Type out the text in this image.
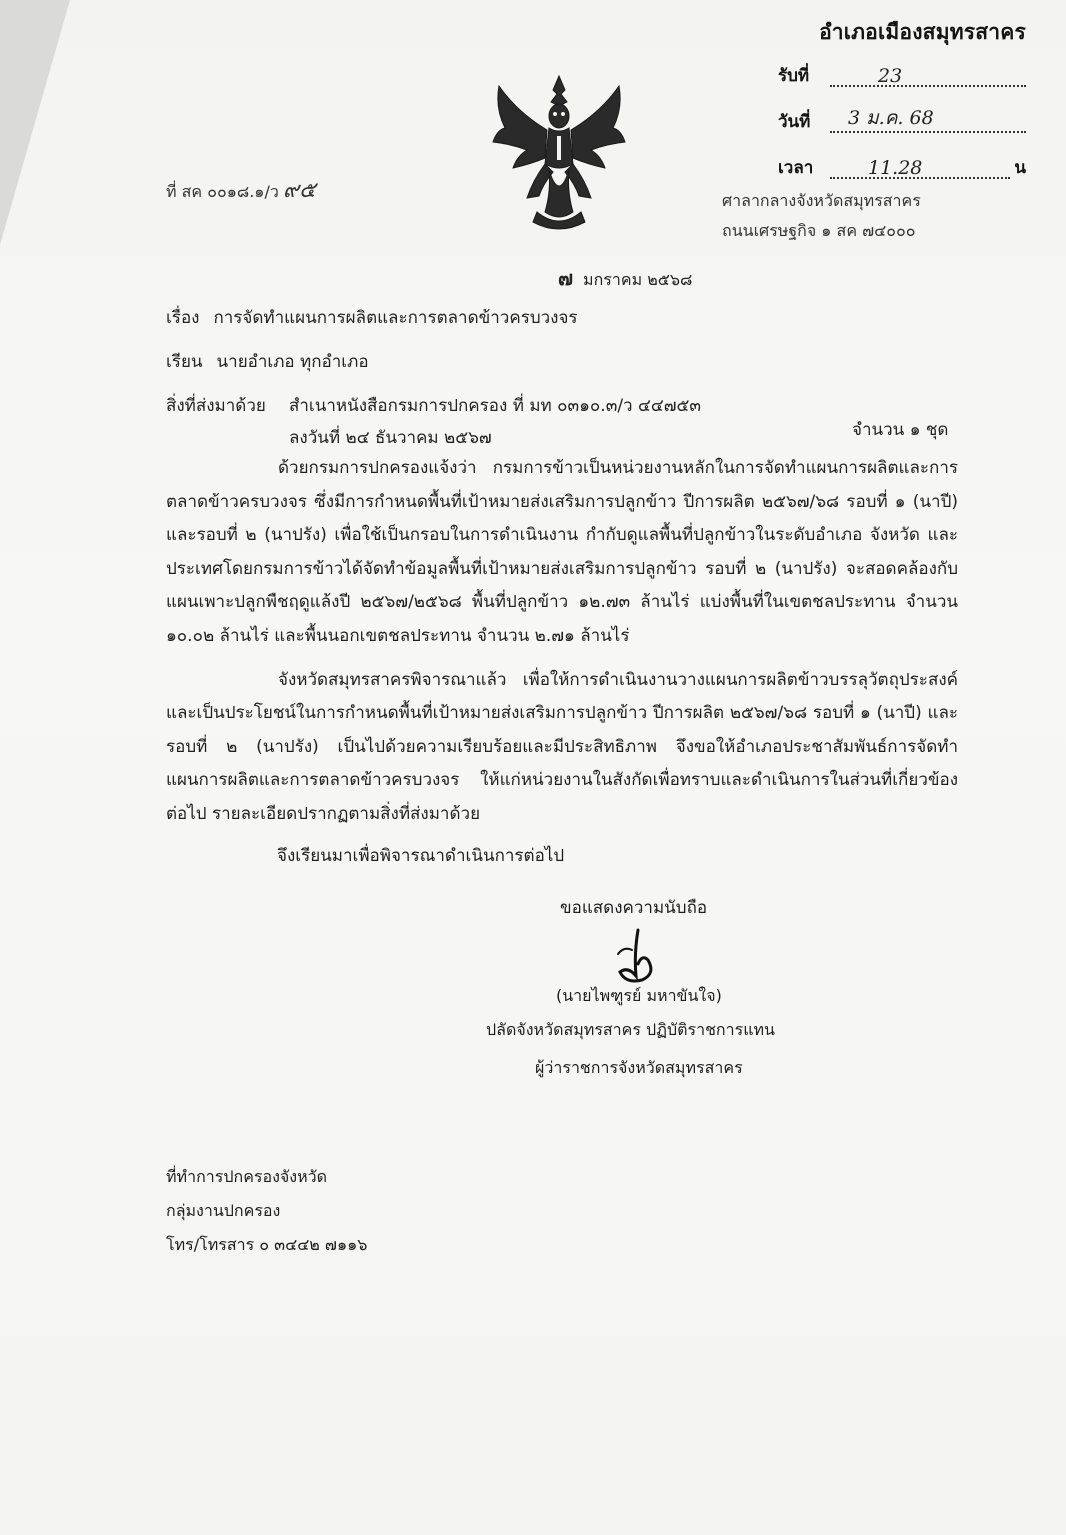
อำเภอเมืองสมุทรสาคร
รับที่	23
วันที่ 3 ม.ค. 68
เวลา	11.28	น
ที่ สค ๐๐๑๘.๑/ว ๙๕	ศาลากลางจังหวัดสมุทรสาคร
ถนนเศรษฐกิจ ๑ สค ๗๔๐๐๐
๗ มกราคม ๒๕๖๘
เรื่อง การจัดทำแผนการผลิตและการตลาดข้าวครบวงจร
เรียน นายอำเภอ ทุกอำเภอ
สิ่งที่ส่งมาด้วย สำเนาหนังสือกรมการปกครอง ที่ มท ๐๓๑๐.๓/ว ๔๔๗๕๓
ลงวันที่ ๒๔ ธันวาคม ๒๕๖๗	จำนวน ๑ ชุด

ด้วยกรมการปกครองแจ้งว่า กรมการข้าวเป็นหน่วยงานหลักในการจัดทำแผนการผลิตและการตลาดข้าวครบวงจร ซึ่งมีการกำหนดพื้นที่เป้าหมายส่งเสริมการปลูกข้าว ปีการผลิต ๒๕๖๗/๖๘ รอบที่ ๑ (นาปี) และรอบที่ ๒ (นาปรัง) เพื่อใช้เป็นกรอบในการดำเนินงาน กำกับดูแลพื้นที่ปลูกข้าวในระดับอำเภอ จังหวัด และประเทศโดยกรมการข้าวได้จัดทำข้อมูลพื้นที่เป้าหมายส่งเสริมการปลูกข้าว รอบที่ ๒ (นาปรัง) จะสอดคล้องกับแผนเพาะปลูกพืชฤดูแล้งปี ๒๕๖๗/๒๕๖๘ พื้นที่ปลูกข้าว ๑๒.๗๓ ล้านไร่ แบ่งพื้นที่ในเขตชลประทาน จำนวน ๑๐.๐๒ ล้านไร่ และพื้นนอกเขตชลประทาน จำนวน ๒.๗๑ ล้านไร่

จังหวัดสมุทรสาครพิจารณาแล้ว เพื่อให้การดำเนินงานวางแผนการผลิตข้าวบรรลุวัตถุประสงค์และเป็นประโยชน์ในการกำหนดพื้นที่เป้าหมายส่งเสริมการปลูกข้าว ปีการผลิต ๒๕๖๗/๖๘ รอบที่ ๑ (นาปี) และรอบที่ ๒ (นาปรัง) เป็นไปด้วยความเรียบร้อยและมีประสิทธิภาพ จึงขอให้อำเภอประชาสัมพันธ์การจัดทำแผนการผลิตและการตลาดข้าวครบวงจร ให้แก่หน่วยงานในสังกัดเพื่อทราบและดำเนินการในส่วนที่เกี่ยวข้องต่อไป รายละเอียดปรากฏตามสิ่งที่ส่งมาด้วย

จึงเรียนมาเพื่อพิจารณาดำเนินการต่อไป
ขอแสดงความนับถือ
(นายไพฑูรย์ มหาขันใจ)
ปลัดจังหวัดสมุทรสาคร ปฏิบัติราชการแทน
ผู้ว่าราชการจังหวัดสมุทรสาคร
ที่ทำการปกครองจังหวัด
กลุ่มงานปกครอง
โทร/โทรสาร ๐ ๓๔๔๒ ๗๑๑๖
